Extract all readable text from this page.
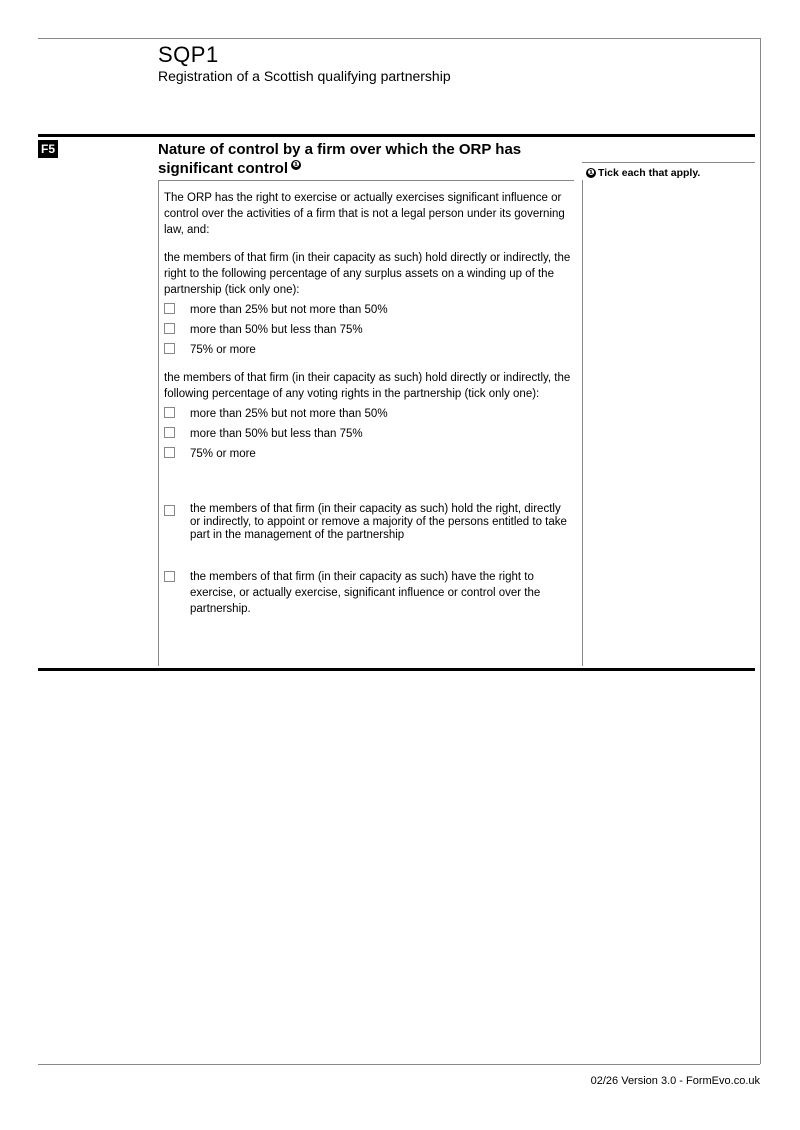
SQP1
Registration of a Scottish qualifying partnership
F5	Nature of control by a firm over which the ORP has significant control ❶
❶ Tick each that apply.
The ORP has the right to exercise or actually exercises significant influence or control over the activities of a firm that is not a legal person under its governing law, and:
the members of that firm (in their capacity as such) hold directly or indirectly, the right to the following percentage of any surplus assets on a winding up of the partnership (tick only one):
more than 25% but not more than 50%
more than 50% but less than 75%
75% or more
the members of that firm (in their capacity as such) hold directly or indirectly, the following percentage of any voting rights in the partnership (tick only one):
more than 25% but not more than 50%
more than 50% but less than 75%
75% or more
the members of that firm (in their capacity as such) hold the right, directly or indirectly, to appoint or remove a majority of the persons entitled to take part in the management of the partnership
the members of that firm (in their capacity as such) have the right to exercise, or actually exercise, significant influence or control over the partnership.
02/26 Version 3.0 - FormEvo.co.uk
